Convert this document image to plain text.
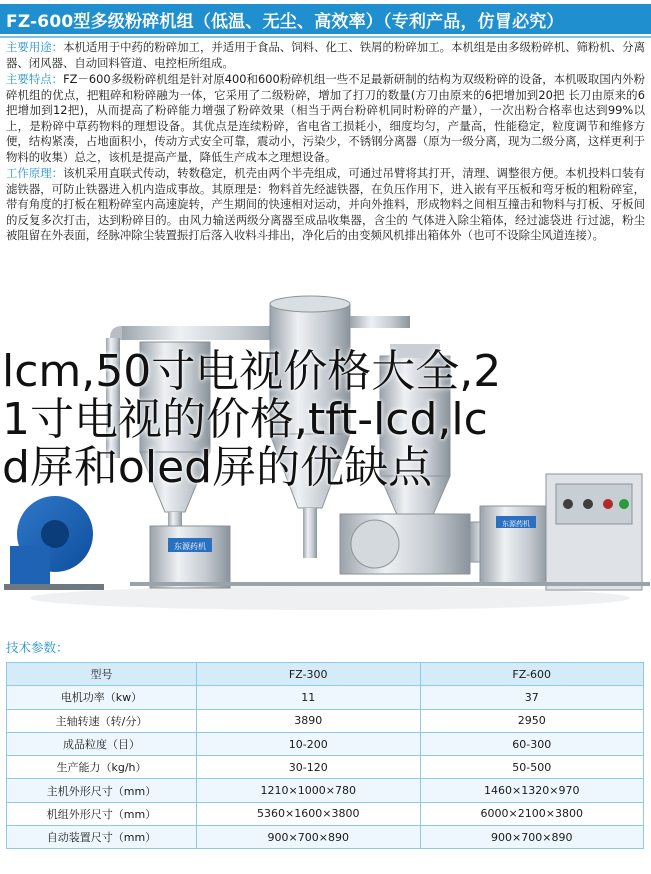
FZ-600型多级粉碎机组（低温、无尘、高效率）（专利产品，仿冒必究）

主要用途：本机适用于中药的粉碎加工，并适用于食品、饲料、化工、铁屑的粉碎加工。本机组是由多级粉碎机、筛粉机、分离器、闭风器、自动回料管道、电控柜所组成。

主要特点：FZ－600多级粉碎机组是针对原400和600粉碎机组一些不足最新研制的结构为双级粉碎的设备，本机吸取国内外粉碎机组的优点，把粗碎和粉碎融为一体，它采用了二级粉碎，增加了打刀的数量(方刀由原来的6把增加到20把 长刀由原来的6把增加到12把)，从而提高了粉碎能力增强了粉碎效果（相当于两台粉碎机同时粉碎的产量），一次出粉合格率也达到99%以上，是粉碎中草药物料的理想设备。其优点是连续粉碎，省电省工损耗小，细度均匀，产量高，性能稳定，粒度调节和维修方便，结构紧凑，占地面积小，传动方式安全可靠，震动小，污染少，不锈钢分离器（原为一级分离，现为二级分离，这样更利于物料的收集）总之，该机是提高产量，降低生产成本之理想设备。

工作原理：该机采用直联式传动，转数稳定，机壳由两个半壳组成，可通过吊臂将其打开，清理、调整很方便。本机投料口装有滤铁器，可防止铁器进入机内造成事故。其原理是：物料首先经滤铁器，在负压作用下，进入嵌有平压板和弯牙板的粗粉碎室，带有角度的打板在粗粉碎室内高速旋转，产生期间的快速相对运动，并向外推料，形成物料之间相互撞击和物料与打板、牙板间的反复多次打击，达到粉碎目的。由风力输送两级分离器至成品收集器，含尘的 气体进入除尘箱体，经过滤袋进 行过滤，粉尘被阻留在外表面，经脉冲除尘装置振打后落入收料斗排出，净化后的由变频风机排出箱体外（也可不设除尘风道连接）。

东源药机
东源药机
lcm,50寸电视价格大全,21寸电视的价格,tft-lcd,lcd屏和oled屏的优缺点
技术参数：
型号	FZ-300	FZ-600
电机功率（kw）	11	37
主轴转速（转/分）	3890	2950
成品粒度（目）	10-200	60-300
生产能力（kg/h）	30-120	50-500
主机外形尺寸（mm）	1210×1000×780	1460×1320×970
机组外形尺寸（mm）	5360×1600×3800	6000×2100×3800
自动装置尺寸（mm）	900×700×890	900×700×890
